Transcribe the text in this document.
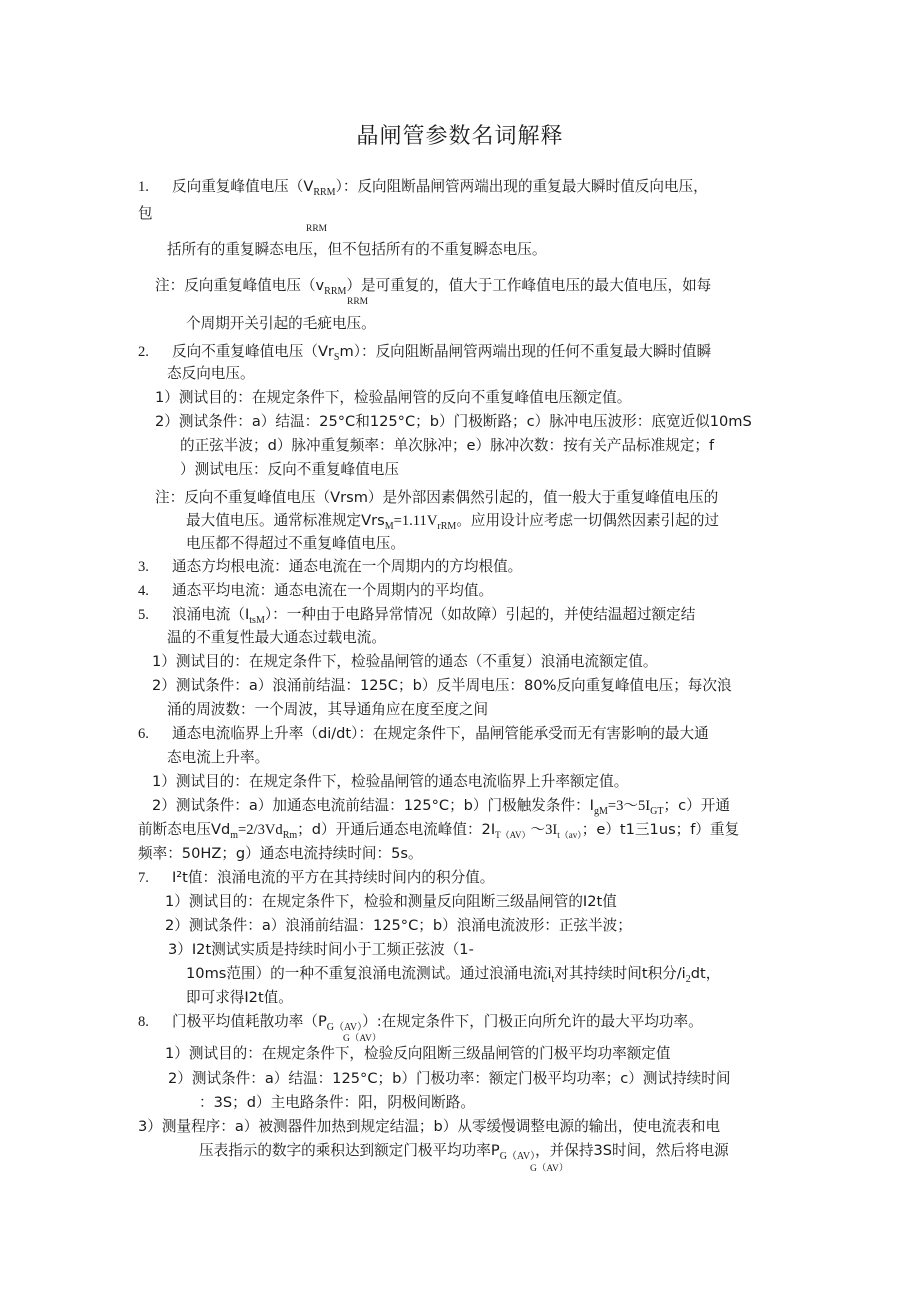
晶闸管参数名词解释
1. 反向重复峰值电压$(V_{RRM})$：反向阻断晶闸管两端出现的重复最大瞬时值反向电压，
包
RRM
括所有的重复瞬态电压，但不包括所有的不重复瞬态电压。
注：反向重复峰值电压$(v_{RRM})$是可重复的，值大于工作峰值电压的最大值电压，如每
RRM
个周期开关引起的毛疵电压。
2. 反向不重复峰值电压$(Vr_Sm)$：反向阻断晶闸管两端出现的任何不重复最大瞬时值瞬
态反向电压。
1）测试目的：在规定条件下，检验晶闸管的反向不重复峰值电压额定值。
2）测试条件：a）结温：25°C和125°C；b）门极断路；c）脉冲电压波形：底宽近似10mS
的正弦半波；d）脉冲重复频率：单次脉冲；e）脉冲次数：按有关产品标准规定；f
）测试电压：反向不重复峰值电压
注：反向不重复峰值电压（Vrsm）是外部因素偶然引起的，值一般大于重复峰值电压的
最大值电压。通常标准规定$Vrs_M=1.11V_{rRM}$。应用设计应考虑一切偶然因素引起的过
电压都不得超过不重复峰值电压。
3. 通态方均根电流：通态电流在一个周期内的方均根值。
4. 通态平均电流：通态电流在一个周期内的平均值。
5. 浪涌电流$(I_{tsM})$：一种由于电路异常情况（如故障）引起的，并使结温超过额定结
温的不重复性最大通态过载电流。
1）测试目的：在规定条件下，检验晶闸管的通态（不重复）浪涌电流额定值。
2）测试条件：a）浪涌前结温：125C；b）反半周电压：80%反向重复峰值电压；每次浪
涌的周波数：一个周波，其导通角应在度至度之间
6. 通态电流临界上升率（di/dt）：在规定条件下，晶闸管能承受而无有害影响的最大通
态电流上升率。
1）测试目的：在规定条件下，检验晶闸管的通态电流临界上升率额定值。
2）测试条件：a）加通态电流前结温：125°C；b）门极触发条件：$I_{gM}=3\sim 5I_{GT}$；c）开通
前断态电压$Vd_m=2/3Vd_{Rm}$；d）开通后通态电流峰值：$2I_{T(AV)}\sim 3I_{t(av)}$；e）t1三1us；f）重复
频率：50HZ；g）通态电流持续时间：5s。
7. I²t值：浪涌电流的平方在其持续时间内的积分值。
1）测试目的：在规定条件下，检验和测量反向阻断三级晶闸管的I2t值
2）测试条件：a）浪涌前结温：125°C；b）浪涌电流波形：正弦半波；
3）I2t测试实质是持续时间小于工频正弦波（1-
10ms范围）的一种不重复浪涌电流测试。通过浪涌电流$i_t$对其持续时间t积分$/i_2dt$，
即可求得I2t值。
8. 门极平均值耗散功率$(P_{G(AV)})$:在规定条件下，门极正向所允许的最大平均功率。
G（AV）
1）测试目的：在规定条件下，检验反向阻断三级晶闸管的门极平均功率额定值
2）测试条件：a）结温：125°C；b）门极功率：额定门极平均功率；c）测试持续时间
：3S；d）主电路条件：阳，阴极间断路。
3）测量程序：a）被测器件加热到规定结温；b）从零缓慢调整电源的输出，使电流表和电
压表指示的数字的乘积达到额定门极平均功率$P_{G(AV)}$，并保持3S时间，然后将电源
G（AV）
